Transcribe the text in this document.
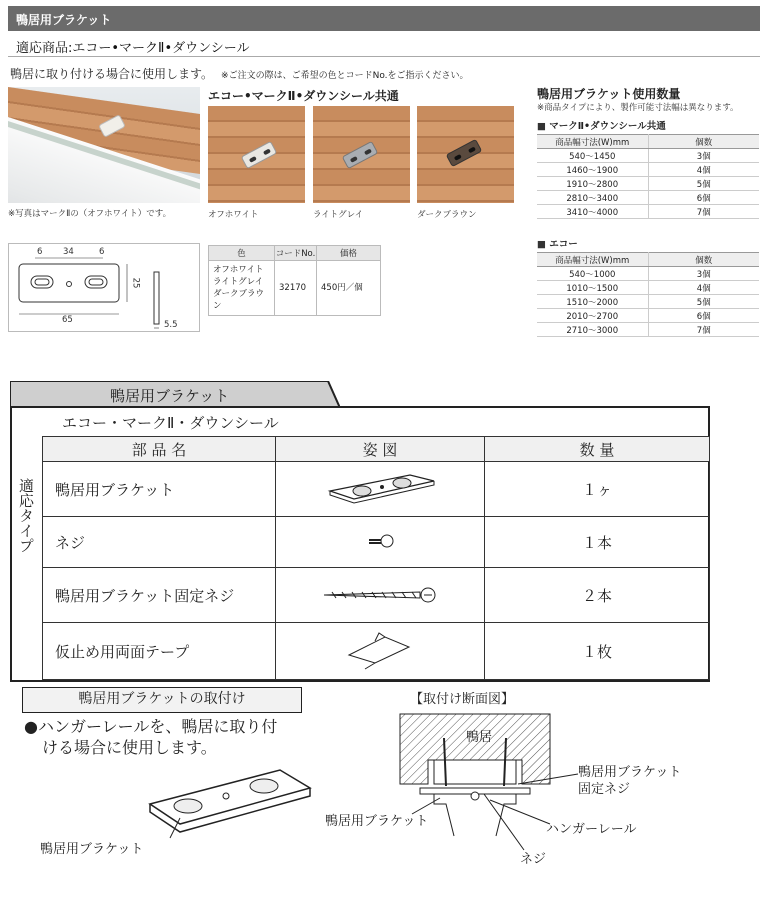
鴨居用ブラケット
適応商品:エコー•マークⅡ•ダウンシール
鴨居に取り付ける場合に使用します。 ※ご注文の際は、ご希望の色とコードNo.をご指示ください。
※写真はマークⅡの（オフホワイト）です。
エコー•マークⅡ•ダウンシール共通
オフホワイト	ライトグレイ	ダークブラウン
6 34	6
25
65	5.5
色	コードNo.	価格

オフホワイト
ライトグレイ
ダークブラウン	32170	450円／個
鴨居用ブラケット使用数量
※商品タイプにより、製作可能寸法幅は異なります。
■ マークⅡ•ダウンシール共通
商品幅寸法(W)mm	個数
540〜1450	3個
1460〜1900	4個
1910〜2800	5個
2810〜3400	6個
3410〜4000	7個
■ エコー
商品幅寸法(W)mm	個数
540〜1000	3個
1010〜1500	4個
1510〜2000	5個
2010〜2700	6個
2710〜3000	7個
鴨居用ブラケット
エコー・マークⅡ・ダウンシール
適応タイプ
部 品 名	姿 図	数 量
鴨居用ブラケット	１ヶ
ネジ	１本
鴨居用ブラケット固定ネジ	２本
仮止め用両面テープ	１枚
鴨居用ブラケットの取付け
●ハンガーレールを、鴨居に取り付
ける場合に使用します。
鴨居用ブラケット
【取付け断面図】
鴨居
鴨居用ブラケット
固定ネジ
鴨居用ブラケット
ハンガーレール
ネジ
